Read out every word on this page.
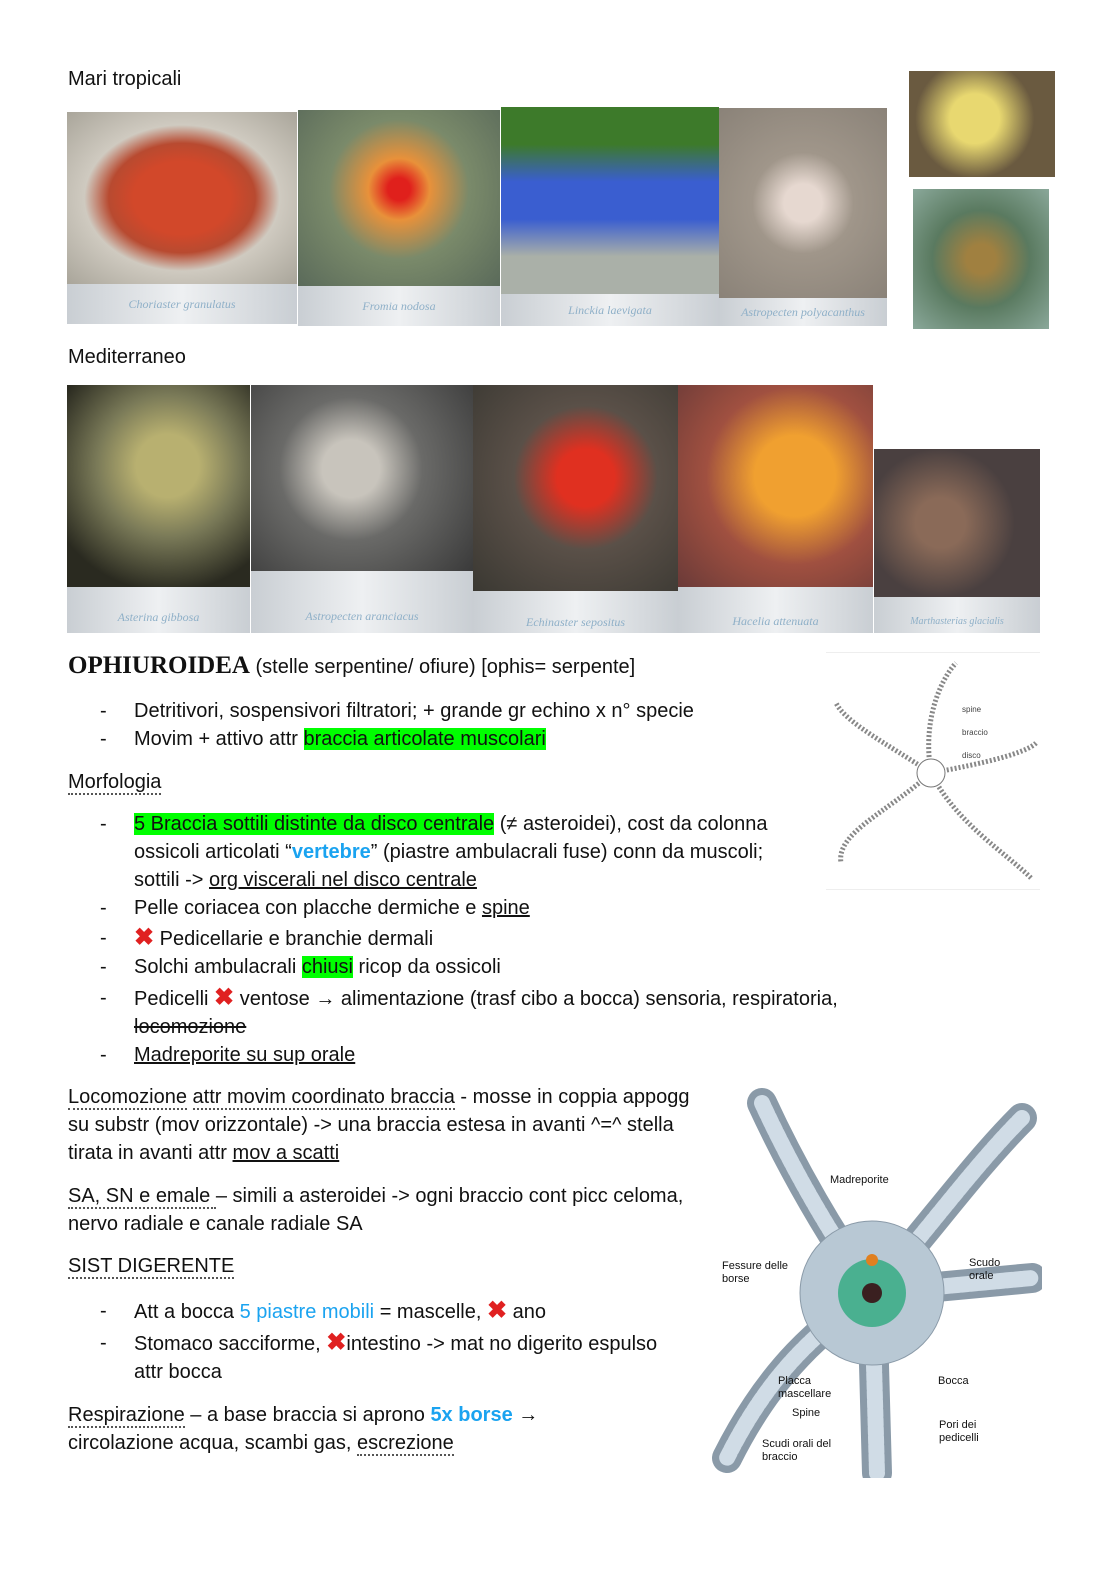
Mari tropicali
Choriaster granulatus	Fromia nodosa	Linckia laevigata	Astropecten polyacanthus
Mediterraneo
Asterina gibbosa	Astropecten aranciacus	Echinaster sepositus	Hacelia attenuata	Marthasterias glacialis
OPHIUROIDEA (stelle serpentine/ ofiure) [ophis= serpente]
spine
braccio
disco
- Detritivori, sospensivori filtratori; + grande gr echino x n° specie
- Movim + attivo attr braccia articolate muscolari
Morfologia
- 5 Braccia sottili distinte da disco centrale (≠ asteroidei), cost da colonna ossicoli articolati “vertebre” (piastre ambulacrali fuse) conn da muscoli; sottili -> org viscerali nel disco centrale
- Pelle coriacea con placche dermiche e spine
- ✖ Pedicellarie e branchie dermali
- Solchi ambulacrali chiusi ricop da ossicoli
- Pedicelli ✖ ventose → alimentazione (trasf cibo a bocca) sensoria, respiratoria, locomozione
- Madreporite su sup orale
Locomozione attr movim coordinato braccia - mosse in coppia appogg su substr (mov orizzontale) -> una braccia estesa in avanti ^=^ stella tirata in avanti attr mov a scatti
SA, SN e emale – simili a asteroidei -> ogni braccio cont picc celoma, nervo radiale e canale radiale SA
SIST DIGERENTE
- Att a bocca 5 piastre mobili = mascelle, ✖ ano
- Stomaco sacciforme, ✖intestino -> mat no digerito espulso attr bocca
Respirazione – a base braccia si aprono 5x borse → circolazione acqua, scambi gas, escrezione
Madreporite
Fessure delle borse
Scudo orale
Placca mascellare
Bocca
Spine
Pori dei pedicelli
Scudi orali del braccio
